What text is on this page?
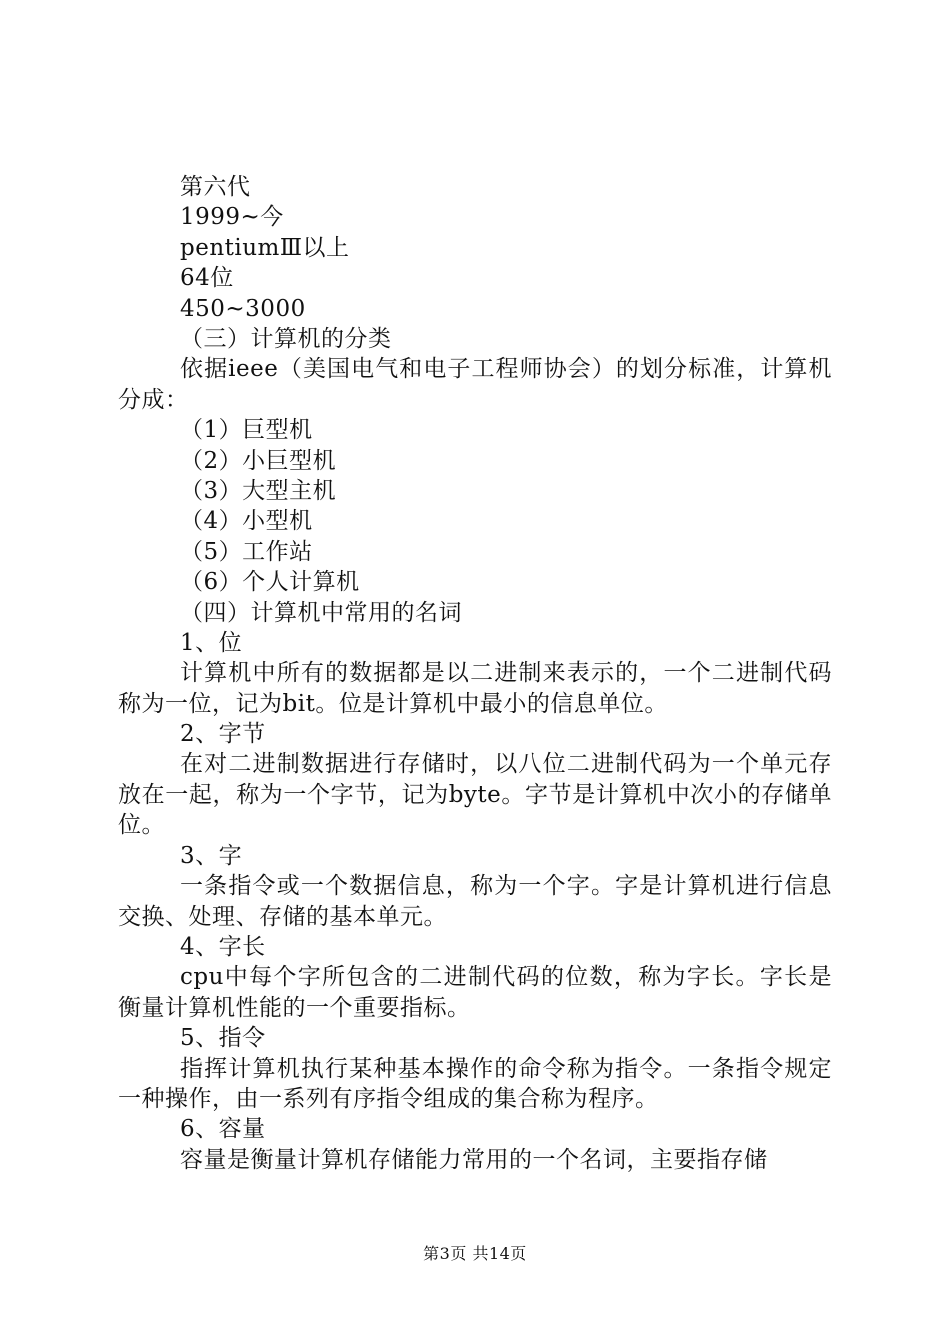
第六代
1999~今
pentiumⅢ以上
64位
450~3000
（三）计算机的分类
依据ieee（美国电气和电子工程师协会）的划分标准，计算机分成：
（1）巨型机
（2）小巨型机
（3）大型主机
（4）小型机
（5）工作站
（6）个人计算机
（四）计算机中常用的名词
1、位
计算机中所有的数据都是以二进制来表示的，一个二进制代码称为一位，记为bit。位是计算机中最小的信息单位。
2、字节
在对二进制数据进行存储时，以八位二进制代码为一个单元存放在一起，称为一个字节，记为byte。字节是计算机中次小的存储单位。
3、字
一条指令或一个数据信息，称为一个字。字是计算机进行信息交换、处理、存储的基本单元。
4、字长
cpu中每个字所包含的二进制代码的位数，称为字长。字长是衡量计算机性能的一个重要指标。
5、指令
指挥计算机执行某种基本操作的命令称为指令。一条指令规定一种操作，由一系列有序指令组成的集合称为程序。
6、容量
容量是衡量计算机存储能力常用的一个名词，主要指存储
第3页 共14页
